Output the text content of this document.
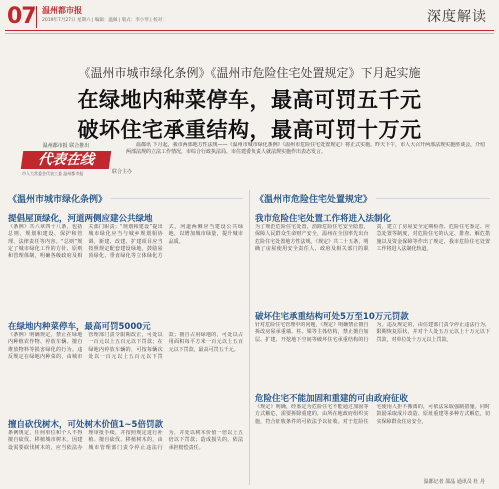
07 温州都市报
2019年7月27日 星期六 | 编辑：温佩 | 版式：李小琴 | 校对：	深度解读
《温州市城市绿化条例》《温州市危险住宅处置规定》下月起实施
在绿地内种菜停车，最高可罚五千元
破坏住宅承重结构，最高可罚十万元
温州都市报 联合推出
代表在线
市人大常委会代表工委 温州都市报	联合主办
温都讯 下月起，我市两部地方性法规——《温州市城市绿化条例》《温州市危险住宅处置规定》将正式实施。昨天下午，市人大召开两部法规实施座谈会，介绍两部法规的立法工作情况，市综合行政执法局、市住建委负责人就法规实施作出表态发言。
《温州市城市绿化条例》
提倡屋顶绿化，河道两侧应建公共绿地
《条例》共六章四十八条，包括总则、规划和建设、保护和管理、法律责任等内容。“总则”规定了城市绿化工作的方针、原则和管理体制，明确各级政府及相关部门职责；“规划和建设”提出城市绿化应当与城乡规划相协调，新建、改建、扩建项目应当按照规定配套建设绿地，鼓励屋顶绿化、垂直绿化等立体绿化方式，河道两侧应当建设公共绿地，以增加城市绿量，提升城市品质。
在绿地内种菜停车，最高可罚5000元
《条例》明确规定，禁止在绿地内种植农作物、停放车辆、擅自堆放物料等损害绿化的行为。违反规定在绿地内种菜的，由城市管理部门责令限期改正，可处以一百元以上五百元以下罚款；在绿地内停放车辆的，可按每辆次处以一百元以上五百元以下罚款；擅自占用绿地的，可处以占用面积每平方米一百元以上五百元以下罚款，最高可罚五千元。
擅自砍伐树木，可处树木价值1~5倍罚款
条例规定，任何单位和个人不得擅自砍伐、移植城市树木。因建设需要砍伐树木的，应当依法办理审批手续，并按照规定进行补植。擅自砍伐、移植树木的，由城市管理部门责令停止违法行为，并处以树木价值一倍以上五倍以下罚款；造成损失的，依法承担赔偿责任。
《温州市危险住宅处置规定》
我市危险住宅处置工作将进入法制化
为了规范危险住宅处置，消除危险住宅安全隐患，保障人民群众生命财产安全，温州在全国率先出台危险住宅处置地方性法规。《规定》共二十五条，明确了房屋使用安全责任人、政府及相关部门的职责，建立了房屋安全定期检查、危险住宅鉴定、应急处置等制度，对危险住宅的认定、排查、解危措施以及资金保障等作出了规定，我市危险住宅处置工作将进入法制化轨道。
破坏住宅承重结构可处5万至10万元罚款
针对危险住宅管理中的问题，《规定》明确禁止擅自拆改房屋承重墙、柱、梁等主体结构，禁止擅自加层、扩建、开挖地下空间等破坏住宅承重结构的行为。违反规定的，由住建部门责令停止违法行为，限期恢复原状，并对个人处五万元以上十万元以下罚款，对单位处十万元以上罚款。
危险住宅不能加固和重建的可由政府征收
《规定》明确，经鉴定为危险住宅不能通过加固等方式解危，需要拆除重建的，由所在地政府组织实施，符合征收条件的可依法予以征收。对于危险住宅使用人拒不搬离的，可依法采取强制措施。同时鼓励采取成片改造、原址重建等多种方式解危，切实保障群众住房安全。
温都记者 邵晶 通讯员 杜 丹
